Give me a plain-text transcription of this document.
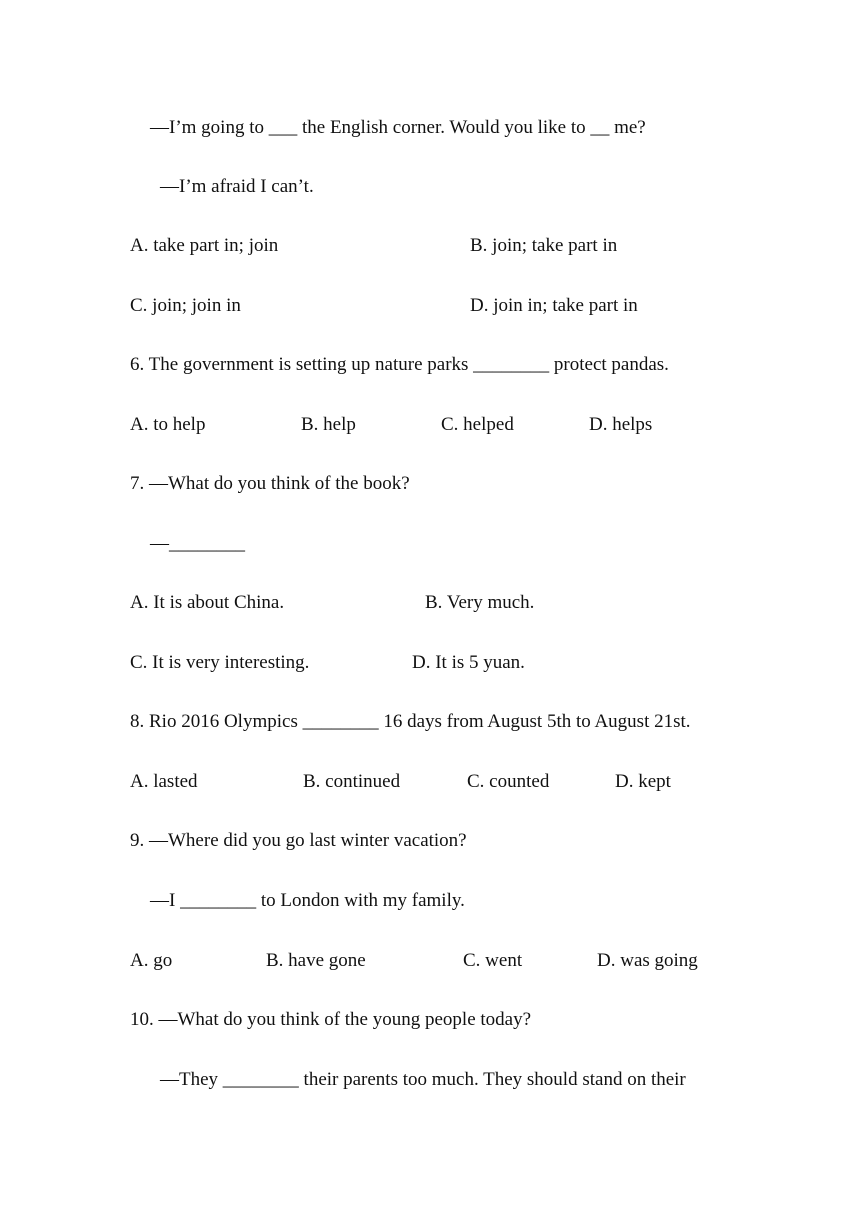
—I’m going to ___ the English corner. Would you like to __ me?
—I’m afraid I can’t.
A. take part in; join	B. join; take part in
C. join; join in	D. join in; take part in
6. The government is setting up nature parks ________ protect pandas.
A. to help	B. help	C. helped	D. helps
7. —What do you think of the book?
—________
A. It is about China.	B. Very much.
C. It is very interesting.	D. It is 5 yuan.
8. Rio 2016 Olympics ________ 16 days from August 5th to August 21st.
A. lasted	B. continued	C. counted	D. kept
9. —Where did you go last winter vacation?
—I ________ to London with my family.
A. go	B. have gone	C. went	D. was going
10. —What do you think of the young people today?
—They ________ their parents too much. They should stand on their
